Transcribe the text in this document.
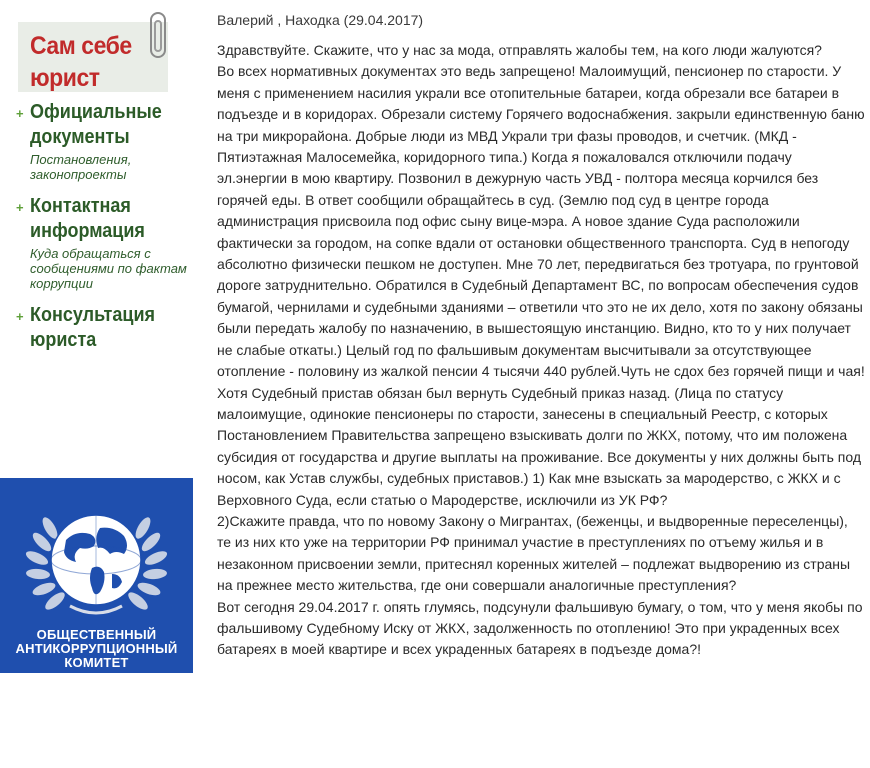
Сам себе
юрист
+ Официальные документы
Постановления, законопроекты
+ Контактная информация
Куда обращаться с сообщениями по фактам коррупции
+ Консультация юриста
ОБЩЕСТВЕННЫЙ
АНТИКОРРУПЦИОННЫЙ
КОМИТЕТ
Валерий , Находка (29.04.2017)

Здравствуйте. Скажите, что у нас за мода, отправлять жалобы тем, на кого люди жалуются?

Во всех нормативных документах это ведь запрещено! Малоимущий, пенсионер по старости. У меня с применением насилия украли все отопительные батареи, когда обрезали все батареи в подъезде и в коридорах. Обрезали систему Горячего водоснабжения. закрыли единственную баню на три микрорайона. Добрые люди из МВД Украли три фазы проводов, и счетчик. (МКД - Пятиэтажная Малосемейка, коридорного типа.) Когда я пожаловался отключили подачу эл.энергии в мою квартиру. Позвонил в дежурную часть УВД - полтора месяца корчился без горячей еды. В ответ сообщили обращайтесь в суд. (Землю под суд в центре города администрация присвоила под офис сыну вице-мэра. А новое здание Суда расположили фактически за городом, на сопке вдали от остановки общественного транспорта. Суд в непогоду абсолютно физически пешком не доступен. Мне 70 лет, передвигаться без тротуара, по грунтовой дороге затруднительно. Обратился в Судебный Департамент ВС, по вопросам обеспечения судов бумагой, чернилами и судебными зданиями – ответили что это не их дело, хотя по закону обязаны были передать жалобу по назначению, в вышестоящую инстанцию. Видно, кто то у них получает не слабые откаты.) Целый год по фальшивым документам высчитывали за отсутствующее отопление - половину из жалкой пенсии 4 тысячи 440 рублей.Чуть не сдох без горячей пищи и чая! Хотя Судебный пристав обязан был вернуть Судебный приказ назад. (Лица по статусу малоимущие, одинокие пенсионеры по старости, занесены в специальный Реестр, с которых Постановлением Правительства запрещено взыскивать долги по ЖКХ, потому, что им положена субсидия от государства и другие выплаты на проживание. Все документы у них должны быть под носом, как Устав службы, судебных приставов.) 1) Как мне взыскать за мародерство, с ЖКХ и с Верховного Суда, если статью о Мародерстве, исключили из УК РФ?

2)Скажите правда, что по новому Закону о Мигрантах, (беженцы, и выдворенные переселенцы), те из них кто уже на территории РФ принимал участие в преступлениях по отъему жилья и в незаконном присвоении земли, притеснял коренных жителей – подлежат выдворению из страны на прежнее место жительства, где они совершали аналогичные преступления?

Вот сегодня 29.04.2017 г. опять глумясь, подсунули фальшивую бумагу, о том, что у меня якобы по фальшивому Судебному Иску от ЖКХ, задолженность по отоплению! Это при украденных всех батареях в моей квартире и всех украденных батареях в подъезде дома?!
